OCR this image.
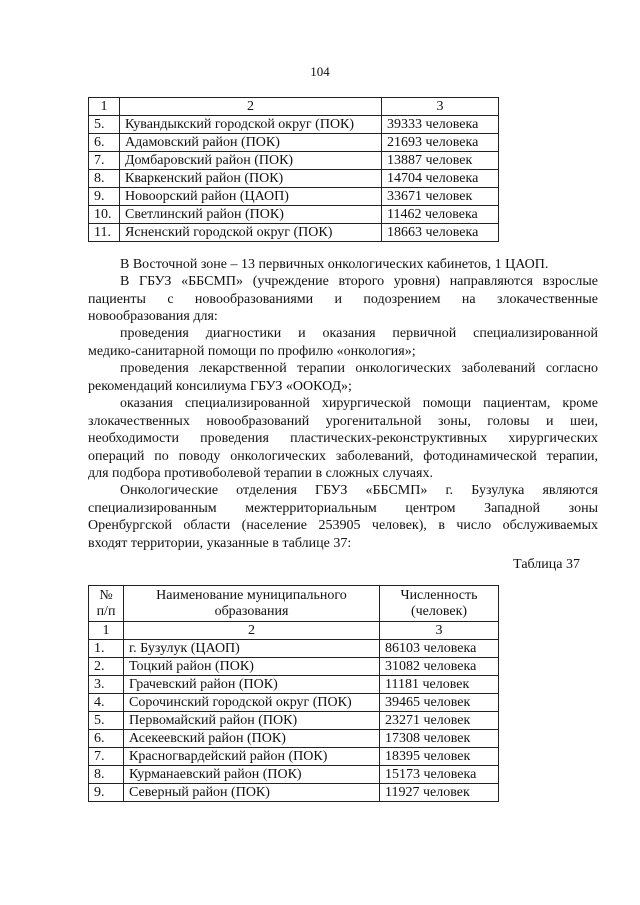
104
1	2	3
5.	Кувандыкский городской округ (ПОК)	39333 человека
6.	Адамовский район (ПОК)	21693 человека
7.	Домбаровский район (ПОК)	13887 человек
8.	Кваркенский район (ПОК)	14704 человека
9.	Новоорский район (ЦАОП)	33671 человек
10.	Светлинский район (ПОК)	11462 человека
11.	Ясненский городской округ (ПОК)	18663 человека
В Восточной зоне – 13 первичных онкологических кабинетов, 1 ЦАОП.
В ГБУЗ «ББСМП» (учреждение второго уровня) направляются взрослые
пациенты с новообразованиями и подозрением на злокачественные
новообразования для:
проведения диагностики и оказания первичной специализированной
медико-санитарной помощи по профилю «онкология»;
проведения лекарственной терапии онкологических заболеваний согласно
рекомендаций консилиума ГБУЗ «ООКОД»;
оказания специализированной хирургической помощи пациентам, кроме
злокачественных новообразований урогенитальной зоны, головы и шеи,
необходимости проведения пластических-реконструктивных хирургических
операций по поводу онкологических заболеваний, фотодинамической терапии,
для подбора противоболевой терапии в сложных случаях.
Онкологические отделения ГБУЗ «ББСМП» г. Бузулука являются
специализированным межтерриториальным центром Западной зоны
Оренбургской области (население 253905 человек), в число обслуживаемых
входят территории, указанные в таблице 37:
Таблица 37
№ п/п	Наименование муниципального образования	Численность (человек)
1	2	3
1.	г. Бузулук (ЦАОП)	86103 человека
2.	Тоцкий район (ПОК)	31082 человека
3.	Грачевский район (ПОК)	11181 человек
4.	Сорочинский городской округ (ПОК)	39465 человек
5.	Первомайский район (ПОК)	23271 человек
6.	Асекеевский район (ПОК)	17308 человек
7.	Красногвардейский район (ПОК)	18395 человек
8.	Курманаевский район (ПОК)	15173 человека
9.	Северный район (ПОК)	11927 человек
